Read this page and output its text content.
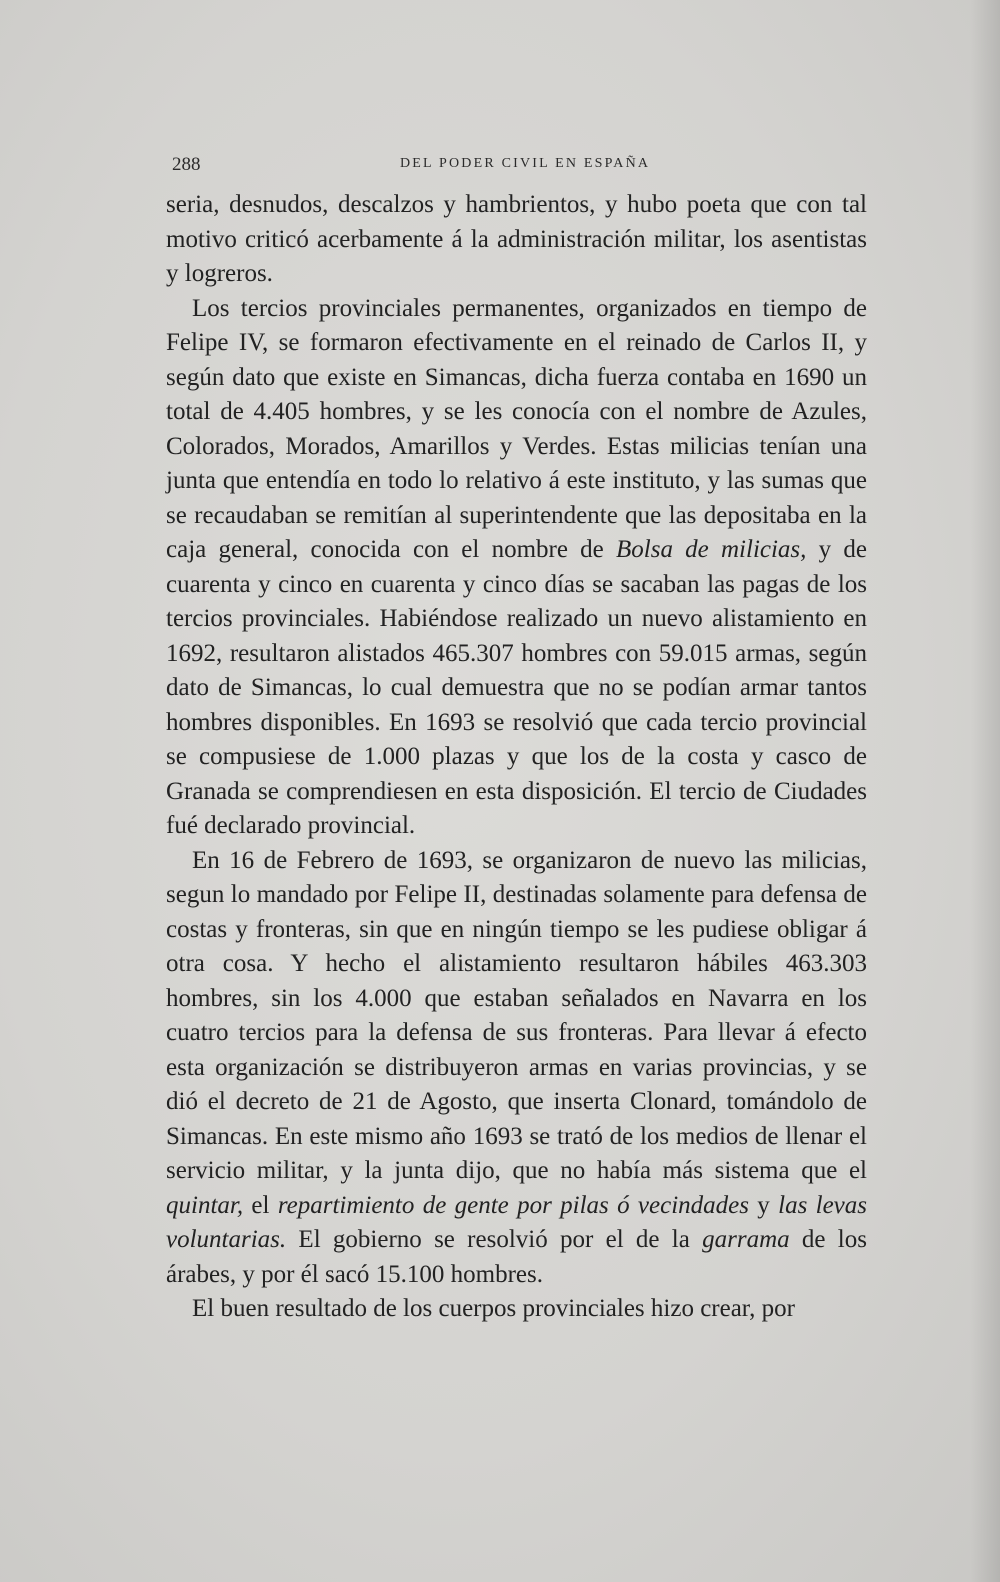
288	DEL PODER CIVIL EN ESPAÑA

seria, desnudos, descalzos y hambrientos, y hubo poeta que con tal motivo criticó acerbamente á la administración militar, los asentistas y logreros.

Los tercios provinciales permanentes, organizados en tiempo de Felipe IV, se formaron efectivamente en el reinado de Carlos II, y según dato que existe en Simancas, dicha fuerza contaba en 1690 un total de 4.405 hombres, y se les conocía con el nombre de Azules, Colorados, Morados, Amarillos y Verdes. Estas milicias tenían una junta que entendía en todo lo relativo á este instituto, y las sumas que se recaudaban se remitían al superintendente que las depositaba en la caja general, conocida con el nombre de Bolsa de milicias, y de cuarenta y cinco en cuarenta y cinco días se sacaban las pagas de los tercios provinciales. Habiéndose realizado un nuevo alistamiento en 1692, resultaron alistados 465.307 hombres con 59.015 armas, según dato de Simancas, lo cual demuestra que no se podían armar tantos hombres disponibles. En 1693 se resolvió que cada tercio provincial se compusiese de 1.000 plazas y que los de la costa y casco de Granada se comprendiesen en esta disposición. El tercio de Ciudades fué declarado provincial.

En 16 de Febrero de 1693, se organizaron de nuevo las milicias, segun lo mandado por Felipe II, destinadas solamente para defensa de costas y fronteras, sin que en ningún tiempo se les pudiese obligar á otra cosa. Y hecho el alistamiento resultaron hábiles 463.303 hombres, sin los 4.000 que estaban señalados en Navarra en los cuatro tercios para la defensa de sus fronteras. Para llevar á efecto esta organización se distribuyeron armas en varias provincias, y se dió el decreto de 21 de Agosto, que inserta Clonard, tomándolo de Simancas. En este mismo año 1693 se trató de los medios de llenar el servicio militar, y la junta dijo, que no había más sistema que el quintar, el repartimiento de gente por pilas ó vecindades y las levas voluntarias. El gobierno se resolvió por el de la garrama de los árabes, y por él sacó 15.100 hombres.

El buen resultado de los cuerpos provinciales hizo crear, por
